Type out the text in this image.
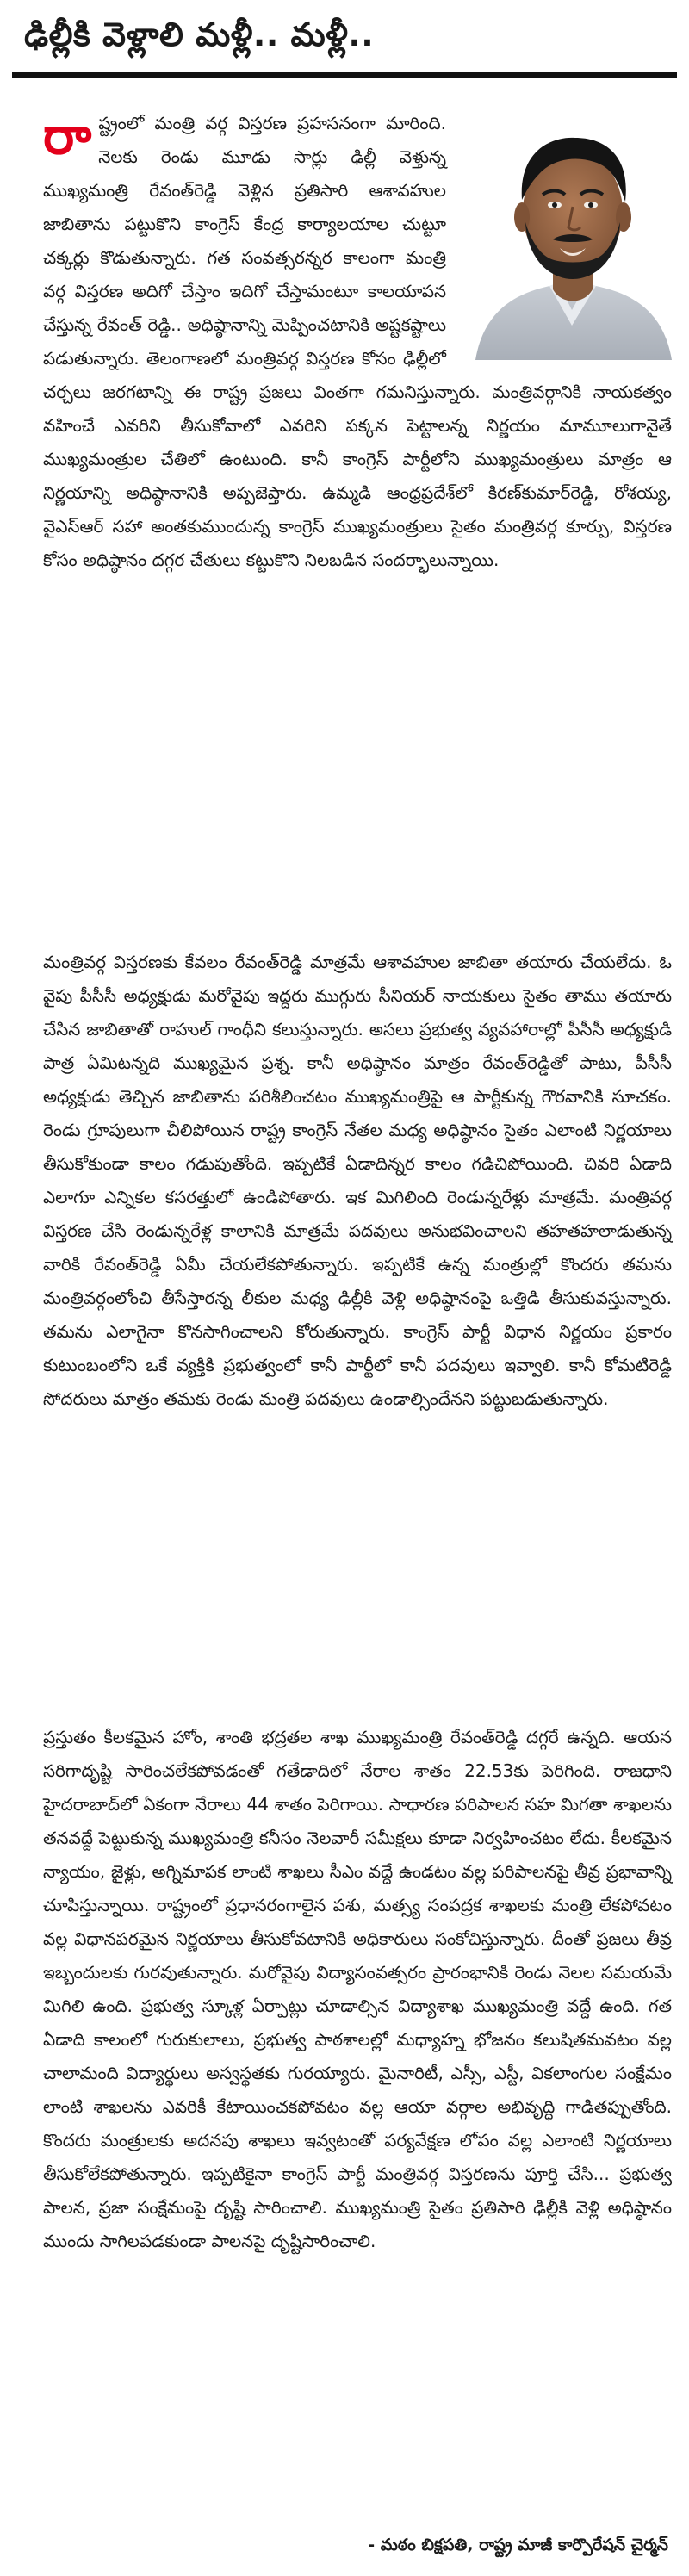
ఢిల్లీకి వెళ్లాలి మళ్లీ.. మళ్లీ..
రా ష్ట్రంలో మంత్రి వర్గ విస్తరణ ప్రహసనంగా మారింది. నెలకు రెండు మూడు సార్లు ఢిల్లీ వెళ్తున్న ముఖ్యమంత్రి రేవంత్‌రెడ్డి వెళ్లిన ప్రతిసారి ఆశావహుల జాబితాను పట్టుకొని కాంగ్రెస్ కేంద్ర కార్యాలయాల చుట్టూ చక్కర్లు కొడుతున్నారు. గత సంవత్సరన్నర కాలంగా మంత్రి వర్గ విస్తరణ అదిగో చేస్తాం ఇదిగో చేస్తామంటూ కాలయాపన చేస్తున్న రేవంత్ రెడ్డి.. అధిష్ఠానాన్ని మెప్పించటానికి అష్టకష్టాలు పడుతున్నారు. తెలంగాణలో మంత్రివర్గ విస్తరణ కోసం ఢిల్లీలో చర్చలు జరగటాన్ని ఈ రాష్ట్ర ప్రజలు వింతగా గమనిస్తున్నారు. మంత్రివర్గానికి నాయకత్వం వహించే ఎవరిని తీసుకోవాలో ఎవరిని పక్కన పెట్టాలన్న నిర్ణయం మామూలుగానైతే ముఖ్యమంత్రుల చేతిలో ఉంటుంది. కానీ కాంగ్రెస్ పార్టీలోని ముఖ్యమంత్రులు మాత్రం ఆ నిర్ణయాన్ని అధిష్ఠానానికి అప్పజెప్తారు. ఉమ్మడి ఆంధ్రప్రదేశ్‌లో కిరణ్‌కుమార్‌రెడ్డి, రోశయ్య, వైఎస్ఆర్ సహా అంతకుముందున్న కాంగ్రెస్ ముఖ్యమంత్రులు సైతం మంత్రివర్గ కూర్పు, విస్తరణ కోసం అధిష్ఠానం దగ్గర చేతులు కట్టుకొని నిలబడిన సందర్భాలున్నాయి.

మంత్రివర్గ విస్తరణకు కేవలం రేవంత్‌రెడ్డి మాత్రమే ఆశావహుల జాబితా తయారు చేయలేదు. ఓ వైపు పీసీసీ అధ్యక్షుడు మరోవైపు ఇద్దరు ముగ్గురు సీనియర్ నాయకులు సైతం తాము తయారు చేసిన జాబితాతో రాహుల్ గాంధీని కలుస్తున్నారు. అసలు ప్రభుత్వ వ్యవహారాల్లో పీసీసీ అధ్యక్షుడి పాత్ర ఏమిటన్నది ముఖ్యమైన ప్రశ్న. కానీ అధిష్ఠానం మాత్రం రేవంత్‌రెడ్డితో పాటు, పీసీసీ అధ్యక్షుడు తెచ్చిన జాబితాను పరిశీలించటం ముఖ్యమంత్రిపై ఆ పార్టీకున్న గౌరవానికి సూచకం. రెండు గ్రూపులుగా చీలిపోయిన రాష్ట్ర కాంగ్రెస్ నేతల మధ్య అధిష్ఠానం సైతం ఎలాంటి నిర్ణయాలు తీసుకోకుండా కాలం గడుపుతోంది. ఇప్పటికే ఏడాదిన్నర కాలం గడిచిపోయింది. చివరి ఏడాది ఎలాగూ ఎన్నికల కసరత్తులో ఉండిపోతారు. ఇక మిగిలింది రెండున్నరేళ్లు మాత్రమే. మంత్రివర్గ విస్తరణ చేసి రెండున్నరేళ్ల కాలానికి మాత్రమే పదవులు అనుభవించాలని తహతహలాడుతున్న వారికి రేవంత్‌రెడ్డి ఏమీ చేయలేకపోతున్నారు. ఇప్పటికే ఉన్న మంత్రుల్లో కొందరు తమను మంత్రివర్గంలోంచి తీసేస్తారన్న లీకుల మధ్య ఢిల్లీకి వెళ్లి అధిష్ఠానంపై ఒత్తిడి తీసుకువస్తున్నారు. తమను ఎలాగైనా కొనసాగించాలని కోరుతున్నారు. కాంగ్రెస్ పార్టీ విధాన నిర్ణయం ప్రకారం కుటుంబంలోని ఒకే వ్యక్తికి ప్రభుత్వంలో కానీ పార్టీలో కానీ పదవులు ఇవ్వాలి. కానీ కోమటిరెడ్డి సోదరులు మాత్రం తమకు రెండు మంత్రి పదవులు ఉండాల్సిందేనని పట్టుబడుతున్నారు.

ప్రస్తుతం కీలకమైన హోం, శాంతి భద్రతల శాఖ ముఖ్యమంత్రి రేవంత్‌రెడ్డి దగ్గరే ఉన్నది. ఆయన సరిగాదృష్టి సారించలేకపోవడంతో గతేడాదిలో నేరాల శాతం 22.53కు పెరిగింది. రాజధాని హైదరాబాద్‌లో ఏకంగా నేరాలు 44 శాతం పెరిగాయి. సాధారణ పరిపాలన సహ మిగతా శాఖలను తనవద్దే పెట్టుకున్న ముఖ్యమంత్రి కనీసం నెలవారీ సమీక్షలు కూడా నిర్వహించటం లేదు. కీలకమైన న్యాయం, జైళ్లు, అగ్నిమాపక లాంటి శాఖలు సీఎం వద్దే ఉండటం వల్ల పరిపాలనపై తీవ్ర ప్రభావాన్ని చూపిస్తున్నాయి. రాష్ట్రంలో ప్రధానరంగాలైన పశు, మత్స్య సంపద్రక శాఖలకు మంత్రి లేకపోవటం వల్ల విధానపరమైన నిర్ణయాలు తీసుకోవటానికి అధికారులు సంకోచిస్తున్నారు. దీంతో ప్రజలు తీవ్ర ఇబ్బందులకు గురవుతున్నారు. మరోవైపు విద్యాసంవత్సరం ప్రారంభానికి రెండు నెలల సమయమే మిగిలి ఉంది. ప్రభుత్వ స్కూళ్ల ఏర్పాట్లు చూడాల్సిన విద్యాశాఖ ముఖ్యమంత్రి వద్దే ఉంది. గత ఏడాది కాలంలో గురుకులాలు, ప్రభుత్వ పాఠశాలల్లో మధ్యాహ్న భోజనం కలుషితమవటం వల్ల చాలామంది విద్యార్థులు అస్వస్థతకు గురయ్యారు. మైనారిటీ, ఎస్సీ, ఎస్టీ, వికలాంగుల సంక్షేమం లాంటి శాఖలను ఎవరికీ కేటాయించకపోవటం వల్ల ఆయా వర్గాల అభివృద్ధి గాడితప్పుతోంది. కొందరు మంత్రులకు అదనపు శాఖలు ఇవ్వటంతో పర్యవేక్షణ లోపం వల్ల ఎలాంటి నిర్ణయాలు తీసుకోలేకపోతున్నారు. ఇప్పటికైనా కాంగ్రెస్ పార్టీ మంత్రివర్గ విస్తరణను పూర్తి చేసి... ప్రభుత్వ పాలన, ప్రజా సంక్షేమంపై దృష్టి సారించాలి. ముఖ్యమంత్రి సైతం ప్రతిసారి ఢిల్లీకి వెళ్లి అధిష్ఠానం ముందు సాగిలపడకుండా పాలనపై దృష్టిసారించాలి.

- మఠం బిక్షపతి, రాష్ట్ర మాజీ కార్పొరేషన్ చైర్మన్
